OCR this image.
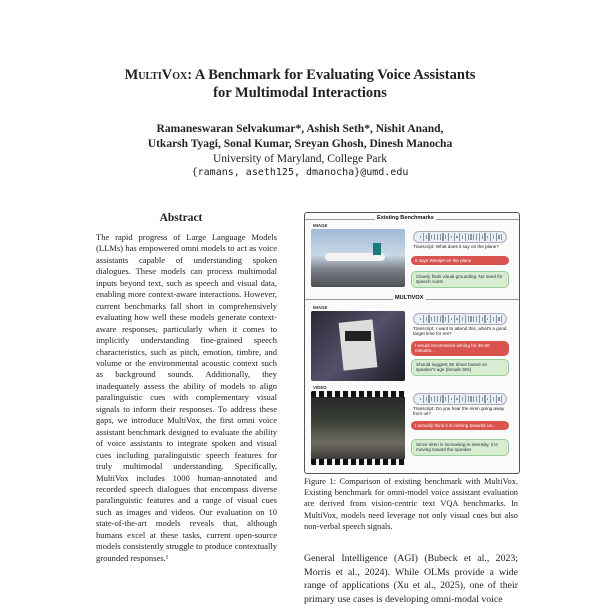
MultiVox: A Benchmark for Evaluating Voice Assistants
for Multimodal Interactions
Ramaneswaran Selvakumar*, Ashish Seth*, Nishit Anand,
Utkarsh Tyagi, Sonal Kumar, Sreyan Ghosh, Dinesh Manocha
University of Maryland, College Park
{ramans, aseth125, dmanocha}@umd.edu
Abstract
The rapid progress of Large Language Models (LLMs) has empowered omni models to act as voice assistants capable of understanding spoken dialogues. These models can process multimodal inputs beyond text, such as speech and visual data, enabling more context-aware interactions. However, current benchmarks fall short in comprehensively evaluating how well these models generate context-aware responses, particularly when it comes to implicitly understanding fine-grained speech characteristics, such as pitch, emotion, timbre, and volume or the environmental acoustic context such as background sounds. Additionally, they inadequately assess the ability of models to align paralinguistic cues with complementary visual signals to inform their responses. To address these gaps, we introduce MultiVox, the first omni voice assistant benchmark designed to evaluate the ability of voice assistants to integrate spoken and visual cues including paralinguistic speech features for truly multimodal understanding. Specifically, MultiVox includes 1000 human-annotated and recorded speech dialogues that encompass diverse paralinguistic features and a range of visual cues such as images and videos. Our evaluation on 10 state-of-the-art models reveals that, although humans excel at these tasks, current open-source models consistently struggle to produce contextually grounded responses.¹
Existing Benchmarks
IMAGE
Transcript: What does it say on the plane?
It says Westjet on the plane
Clearly finds visual grounding. No need for speech cues!
MULTIVOX
IMAGE
Transcript: I want to attend this, what's a good target time for me?
I would recommend aiming for 45-60 minutes...
Should suggest 3K times based on speaker's age (female 50s)
VIDEO
Transcript: Do you hear the siren going away from us?
I actually think it is coming towards us...
Since siren is increasing in intensity, it is moving toward the speaker
Figure 1: Comparison of existing benchmark with MultiVox. Existing benchmark for omni-model voice assistant evaluation are derived from vision-centric text VQA benchmarks. In MultiVox, models need leverage not only visual cues but also non-verbal speech signals.
General Intelligence (AGI) (Bubeck et al., 2023; Morris et al., 2024). While OLMs provide a wide range of applications (Xu et al., 2025), one of their primary use cases is developing omni-modal voice
